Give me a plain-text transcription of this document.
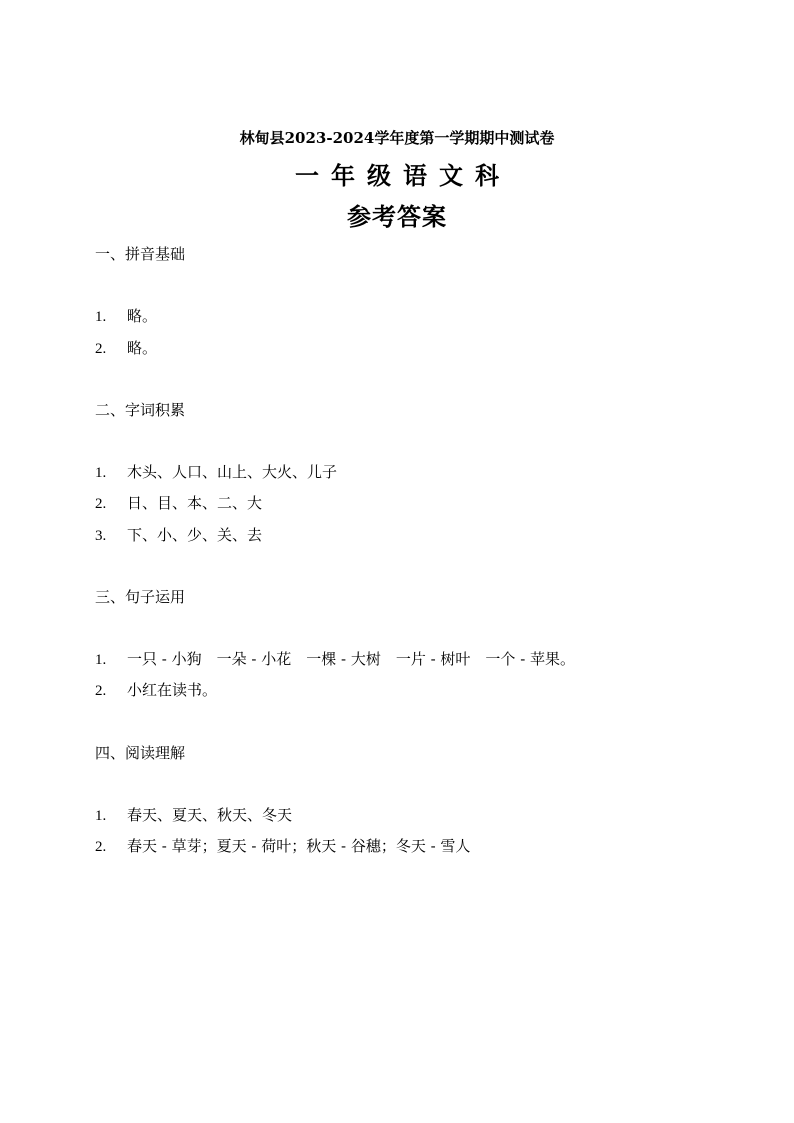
林甸县2023-2024学年度第一学期期中测试卷
一年级语文科
参考答案
一、拼音基础
1. 略。
2. 略。
二、字词积累
1. 木头、人口、山上、大火、儿子
2. 日、目、本、二、大
3. 下、小、少、关、去
三、句子运用
1. 一只 - 小狗　一朵 - 小花　一棵 - 大树　一片 - 树叶　一个 - 苹果。
2. 小红在读书。
四、阅读理解
1. 春天、夏天、秋天、冬天
2. 春天 - 草芽；夏天 - 荷叶；秋天 - 谷穗；冬天 - 雪人
